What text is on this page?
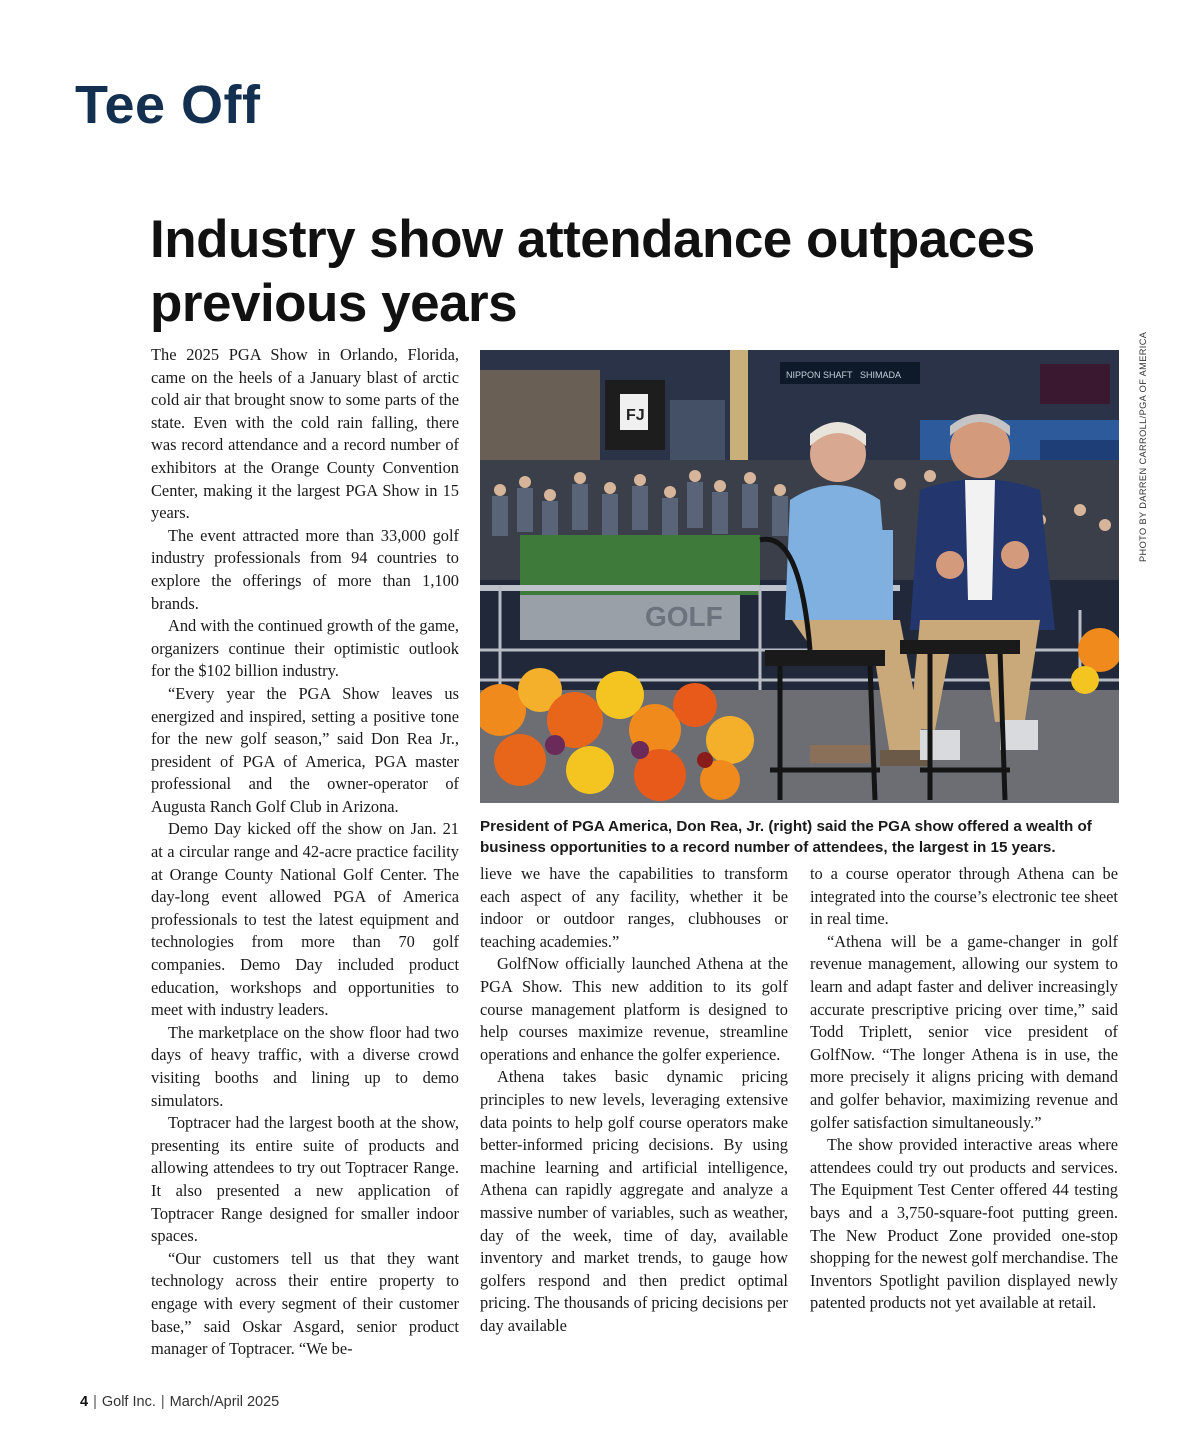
Tee Off
Industry show attendance outpaces previous years

The 2025 PGA Show in Orlando, Florida, came on the heels of a January blast of arctic cold air that brought snow to some parts of the state. Even with the cold rain falling, there was record attendance and a record number of exhibitors at the Orange County Convention Center, making it the largest PGA Show in 15 years.

The event attracted more than 33,000 golf industry professionals from 94 countries to explore the offerings of more than 1,100 brands.

And with the continued growth of the game, organizers continue their optimistic outlook for the $102 billion industry.

“Every year the PGA Show leaves us energized and inspired, setting a positive tone for the new golf season,” said Don Rea Jr., president of PGA of America, PGA master professional and the owner-operator of Augusta Ranch Golf Club in Arizona.

Demo Day kicked off the show on Jan. 21 at a circular range and 42-acre practice facility at Orange County National Golf Center. The day-long event allowed PGA of America professionals to test the latest equipment and technologies from more than 70 golf companies. Demo Day included product education, workshops and opportunities to meet with industry leaders.

The marketplace on the show floor had two days of heavy traffic, with a diverse crowd visiting booths and lining up to demo simulators.

Toptracer had the largest booth at the show, presenting its entire suite of products and allowing attendees to try out Toptracer Range. It also presented a new application of Toptracer Range designed for smaller indoor spaces.

“Our customers tell us that they want technology across their entire property to engage with every segment of their customer base,” said Oskar Asgard, senior product manager of Toptracer. “We be-

NIPPON SHAFT SHIMADA
FJ
GOLF
PHOTO BY DARREN CARROLL/PGA OF AMERICA

President of PGA America, Don Rea, Jr. (right) said the PGA show offered a wealth of business opportunities to a record number of attendees, the largest in 15 years.

lieve we have the capabilities to transform each aspect of any facility, whether it be indoor or outdoor ranges, clubhouses or teaching academies.”

GolfNow officially launched Athena at the PGA Show. This new addition to its golf course management platform is designed to help courses maximize revenue, streamline operations and enhance the golfer experience.

Athena takes basic dynamic pricing principles to new levels, leveraging extensive data points to help golf course operators make better-informed pricing decisions. By using machine learning and artificial intelligence, Athena can rapidly aggregate and analyze a massive number of variables, such as weather, day of the week, time of day, available inventory and market trends, to gauge how golfers respond and then predict optimal pricing. The thousands of pricing decisions per day available

to a course operator through Athena can be integrated into the course’s electronic tee sheet in real time.

“Athena will be a game-changer in golf revenue management, allowing our system to learn and adapt faster and deliver increasingly accurate prescriptive pricing over time,” said Todd Triplett, senior vice president of GolfNow. “The longer Athena is in use, the more precisely it aligns pricing with demand and golfer behavior, maximizing revenue and golfer satisfaction simultaneously.”

The show provided interactive areas where attendees could try out products and services. The Equipment Test Center offered 44 testing bays and a 3,750-square-foot putting green. The New Product Zone provided one-stop shopping for the newest golf merchandise. The Inventors Spotlight pavilion displayed newly patented products not yet available at retail.

4 | Golf Inc. | March/April 2025
